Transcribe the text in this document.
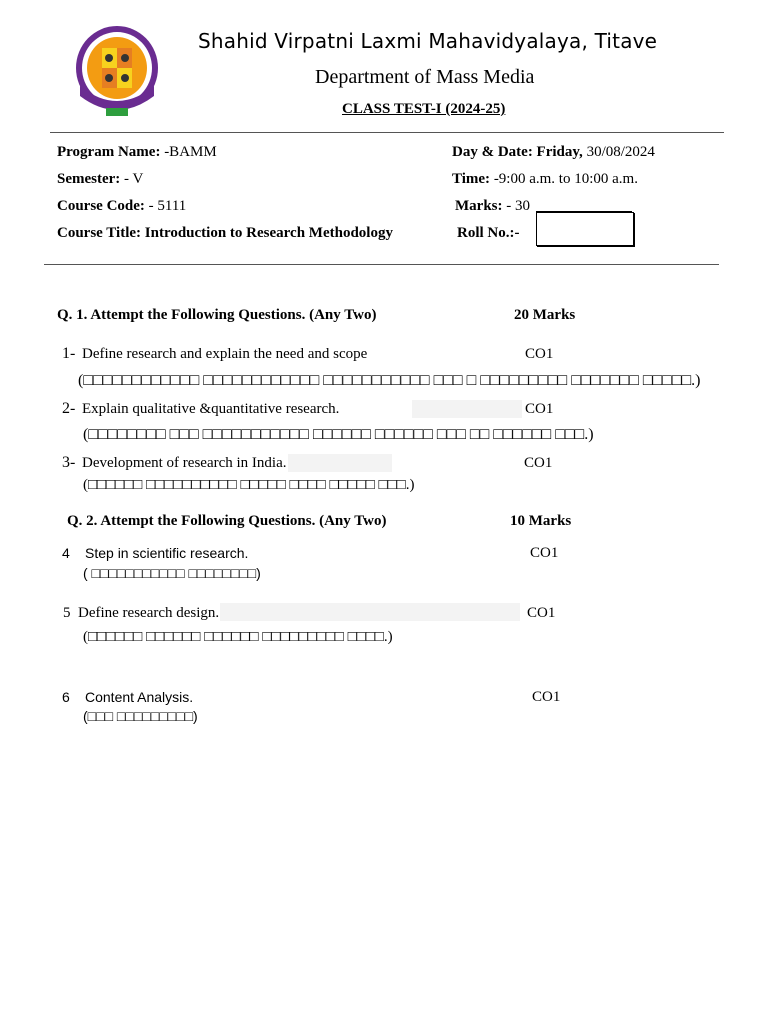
Shahid Virpatni Laxmi Mahavidyalaya, Titave
Department of Mass Media
CLASS TEST-I (2024-25)
Program Name: -BAMM
Semester: - V
Course Code: - 5111
Course Title: Introduction to Research Methodology
Day & Date: Friday, 30/08/2024
Time: -9:00 a.m. to 10:00 a.m.
Marks: - 30
Roll No.:-
Q. 1. Attempt the Following Questions. (Any Two)	20 Marks
1- Define research and explain the need and scope	CO1
(□□□□□□□□□□□□ □□□□□□□□□□□□ □□□□□□□□□□□ □□□ □ □□□□□□□□□ □□□□□□□ □□□□□.)
2- Explain qualitative &quantitative research.	CO1
(□□□□□□□□ □□□ □□□□□□□□□□□ □□□□□□ □□□□□□ □□□ □□ □□□□□□ □□□.)
3- Development of research in India.	CO1
(□□□□□□ □□□□□□□□□□ □□□□□ □□□□ □□□□□ □□□.)
Q. 2. Attempt the Following Questions. (Any Two)	10 Marks
4 Step in scientific research.	CO1
( □□□□□□□□□□□ □□□□□□□□)
5 Define research design.	CO1
(□□□□□□ □□□□□□ □□□□□□ □□□□□□□□□ □□□□.)
6 Content Analysis.	CO1
(□□□ □□□□□□□□□)
